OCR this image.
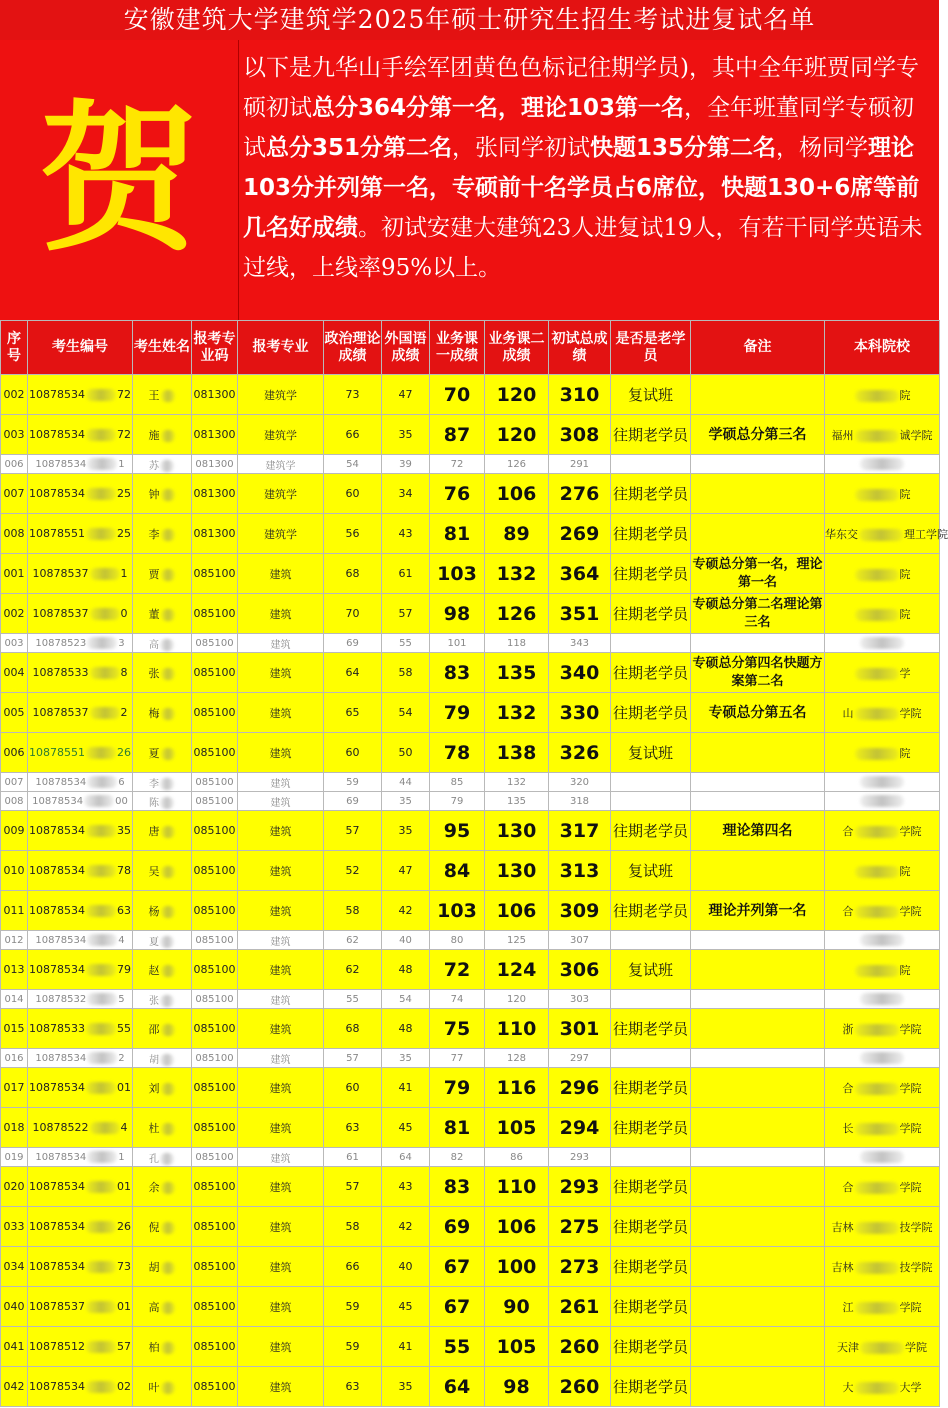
安徽建筑大学建筑学2025年硕士研究生招生考试进复试名单
贺
以下是九华山手绘军团黄色色标记往期学员)，其中全年班贾同学专硕初试总分364分第一名，理论103第一名，全年班董同学专硕初试总分351分第二名，张同学初试快题135分第二名，杨同学理论103分并列第一名，专硕前十名学员占6席位，快题130+6席等前几名好成绩。初试安建大建筑23人进复试19人，有若干同学英语未过线，上线率95%以上。
序号	考生编号	考生姓名	报考专业码	报考专业	政治理论成绩	外国语成绩	业务课一成绩	业务课二成绩	初试总成绩	是否是老学员	备注	本科院校
002	10878534 72	王	081300	建筑学	73	47	70	120	310	复试班		院
003	10878534 72	施	081300	建筑学	66	35	87	120	308	往期老学员	学硕总分第三名	福州 诚学院
006	10878534 1	苏	081300	建筑学	54	39	72	126	291			
007	10878534 25	钟	081300	建筑学	60	34	76	106	276	往期老学员		院
008	10878551 25	李	081300	建筑学	56	43	81	89	269	往期老学员		华东交 理工学院
001	10878537 1	贾	085100	建筑	68	61	103	132	364	往期老学员	专硕总分第一名，理论第一名	院
002	10878537 0	董	085100	建筑	70	57	98	126	351	往期老学员	专硕总分第二名理论第三名	院
003	10878523 3	高	085100	建筑	69	55	101	118	343			
004	10878533 8	张	085100	建筑	64	58	83	135	340	往期老学员	专硕总分第四名快题方案第二名	学
005	10878537 2	梅	085100	建筑	65	54	79	132	330	往期老学员	专硕总分第五名	山 学院
006	10878551 26	夏	085100	建筑	60	50	78	138	326	复试班		院
007	10878534 6	李	085100	建筑	59	44	85	132	320			
008	10878534 00	陈	085100	建筑	69	35	79	135	318			
009	10878534 35	唐	085100	建筑	57	35	95	130	317	往期老学员	理论第四名	合 学院
010	10878534 78	吴	085100	建筑	52	47	84	130	313	复试班		院
011	10878534 63	杨	085100	建筑	58	42	103	106	309	往期老学员	理论并列第一名	合 学院
012	10878534 4	夏	085100	建筑	62	40	80	125	307			
013	10878534 79	赵	085100	建筑	62	48	72	124	306	复试班		院
014	10878532 5	张	085100	建筑	55	54	74	120	303			
015	10878533 55	邵	085100	建筑	68	48	75	110	301	往期老学员		浙 学院
016	10878534 2	胡	085100	建筑	57	35	77	128	297			
017	10878534 01	刘	085100	建筑	60	41	79	116	296	往期老学员		合 学院
018	10878522 4	杜	085100	建筑	63	45	81	105	294	往期老学员		长 学院
019	10878534 1	孔	085100	建筑	61	64	82	86	293			
020	10878534 01	余	085100	建筑	57	43	83	110	293	往期老学员		合 学院
033	10878534 26	倪	085100	建筑	58	42	69	106	275	往期老学员		吉林 技学院
034	10878534 73	胡	085100	建筑	66	40	67	100	273	往期老学员		吉林 技学院
040	10878537 01	高	085100	建筑	59	45	67	90	261	往期老学员		江 学院
041	10878512 57	柏	085100	建筑	59	41	55	105	260	往期老学员		天津 学院
042	10878534 02	叶	085100	建筑	63	35	64	98	260	往期老学员		大 大学
